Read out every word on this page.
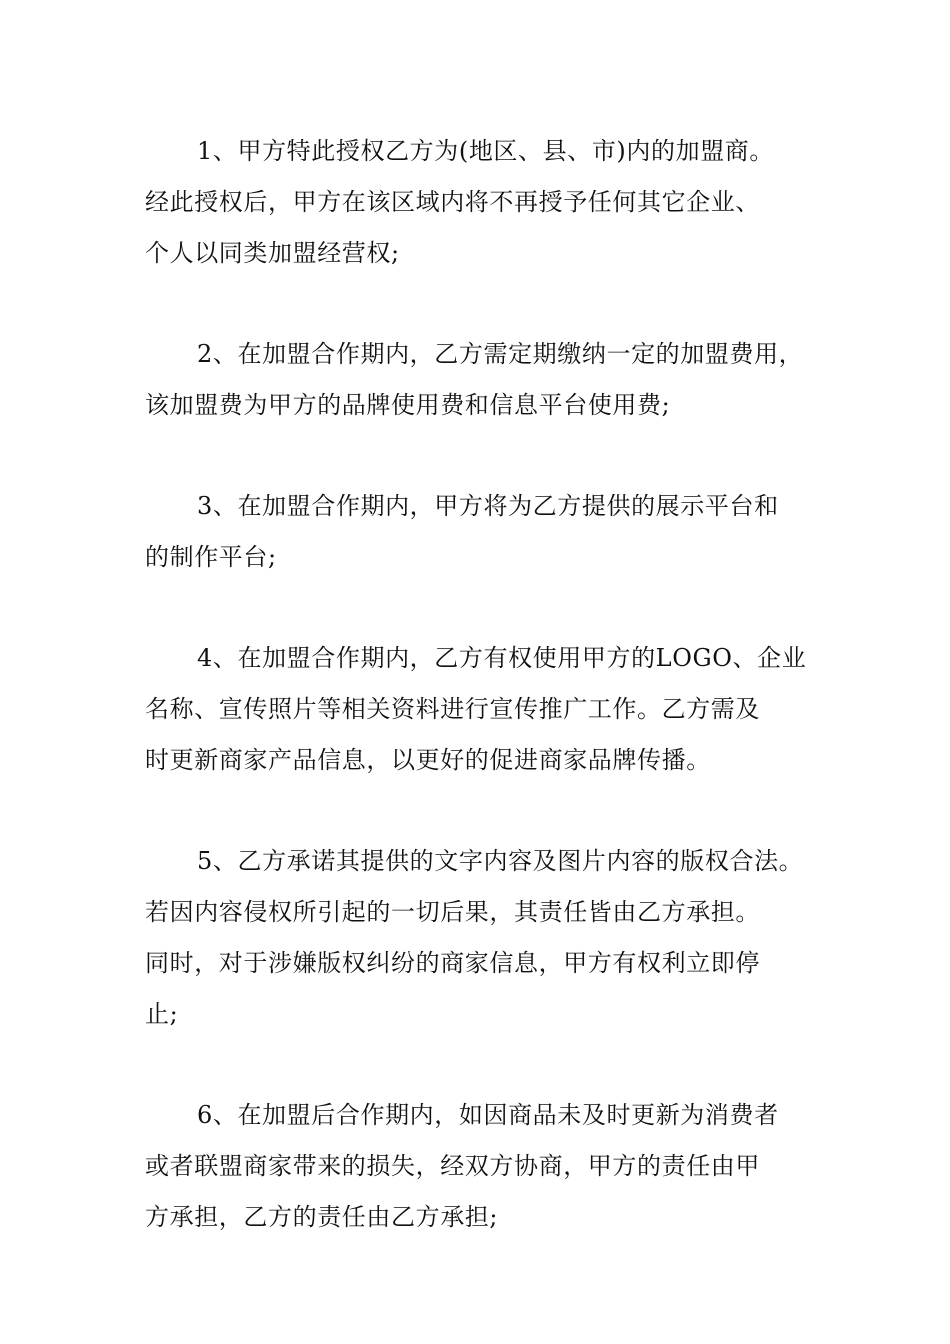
1、甲方特此授权乙方为(地区、县、市)内的加盟商。
经此授权后，甲方在该区域内将不再授予任何其它企业、
个人以同类加盟经营权;

2、在加盟合作期内，乙方需定期缴纳一定的加盟费用，
该加盟费为甲方的品牌使用费和信息平台使用费;

3、在加盟合作期内，甲方将为乙方提供的展示平台和
的制作平台;

4、在加盟合作期内，乙方有权使用甲方的LOGO、企业
名称、宣传照片等相关资料进行宣传推广工作。乙方需及
时更新商家产品信息，以更好的促进商家品牌传播。

5、乙方承诺其提供的文字内容及图片内容的版权合法。
若因内容侵权所引起的一切后果，其责任皆由乙方承担。
同时，对于涉嫌版权纠纷的商家信息，甲方有权利立即停
止;

6、在加盟后合作期内，如因商品未及时更新为消费者
或者联盟商家带来的损失，经双方协商，甲方的责任由甲
方承担，乙方的责任由乙方承担;
